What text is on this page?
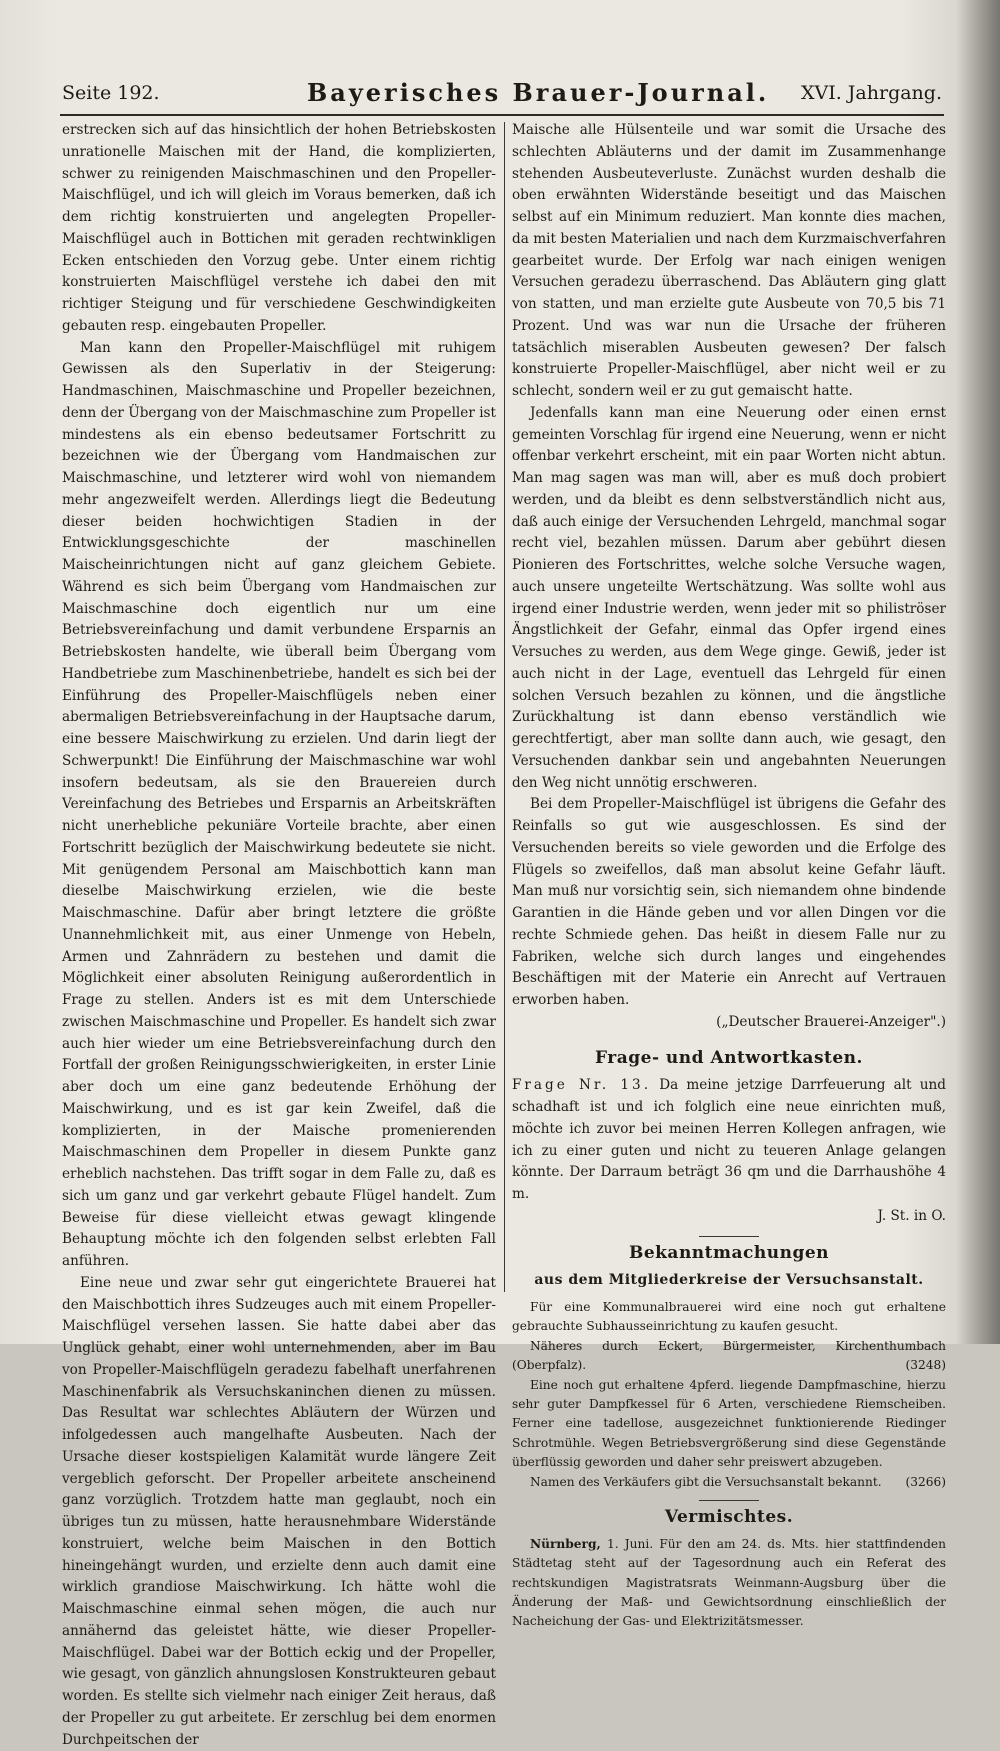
Seite 192.	Bayerisches Brauer-Journal. XVI. Jahrgang.

erstrecken sich auf das hinsichtlich der hohen Betriebskosten unrationelle Maischen mit der Hand, die komplizierten, schwer zu reinigenden Maischmaschinen und den Propeller-Maischflügel, und ich will gleich im Voraus bemerken, daß ich dem richtig konstruierten und angelegten Propeller-Maischflügel auch in Bottichen mit geraden rechtwinkligen Ecken entschieden den Vorzug gebe. Unter einem richtig konstruierten Maischflügel verstehe ich dabei den mit richtiger Steigung und für verschiedene Geschwindigkeiten gebauten resp. eingebauten Propeller.

Man kann den Propeller-Maischflügel mit ruhigem Gewissen als den Superlativ in der Steigerung: Handmaschinen, Maischmaschine und Propeller bezeichnen, denn der Übergang von der Maischmaschine zum Propeller ist mindestens als ein ebenso bedeutsamer Fortschritt zu bezeichnen wie der Übergang vom Handmaischen zur Maischmaschine, und letzterer wird wohl von niemandem mehr angezweifelt werden. Allerdings liegt die Bedeutung dieser beiden hochwichtigen Stadien in der Entwicklungsgeschichte der maschinellen Maischeinrichtungen nicht auf ganz gleichem Gebiete. Während es sich beim Übergang vom Handmaischen zur Maischmaschine doch eigentlich nur um eine Betriebsvereinfachung und damit verbundene Ersparnis an Betriebskosten handelte, wie überall beim Übergang vom Handbetriebe zum Maschinenbetriebe, handelt es sich bei der Einführung des Propeller-Maischflügels neben einer abermaligen Betriebsvereinfachung in der Hauptsache darum, eine bessere Maischwirkung zu erzielen. Und darin liegt der Schwerpunkt! Die Einführung der Maischmaschine war wohl insofern bedeutsam, als sie den Brauereien durch Vereinfachung des Betriebes und Ersparnis an Arbeitskräften nicht unerhebliche pekuniäre Vorteile brachte, aber einen Fortschritt bezüglich der Maischwirkung bedeutete sie nicht. Mit genügendem Personal am Maischbottich kann man dieselbe Maischwirkung erzielen, wie die beste Maischmaschine. Dafür aber bringt letztere die größte Unannehmlichkeit mit, aus einer Unmenge von Hebeln, Armen und Zahnrädern zu bestehen und damit die Möglichkeit einer absoluten Reinigung außerordentlich in Frage zu stellen. Anders ist es mit dem Unterschiede zwischen Maischmaschine und Propeller. Es handelt sich zwar auch hier wieder um eine Betriebsvereinfachung durch den Fortfall der großen Reinigungsschwierigkeiten, in erster Linie aber doch um eine ganz bedeutende Erhöhung der Maischwirkung, und es ist gar kein Zweifel, daß die komplizierten, in der Maische promenierenden Maischmaschinen dem Propeller in diesem Punkte ganz erheblich nachstehen. Das trifft sogar in dem Falle zu, daß es sich um ganz und gar verkehrt gebaute Flügel handelt. Zum Beweise für diese vielleicht etwas gewagt klingende Behauptung möchte ich den folgenden selbst erlebten Fall anführen.

Eine neue und zwar sehr gut eingerichtete Brauerei hat den Maischbottich ihres Sudzeuges auch mit einem Propeller-Maischflügel versehen lassen. Sie hatte dabei aber das Unglück gehabt, einer wohl unternehmenden, aber im Bau von Propeller-Maischflügeln geradezu fabelhaft unerfahrenen Maschinenfabrik als Versuchskaninchen dienen zu müssen. Das Resultat war schlechtes Abläutern der Würzen und infolgedessen auch mangelhafte Ausbeuten. Nach der Ursache dieser kostspieligen Kalamität wurde längere Zeit vergeblich geforscht. Der Propeller arbeitete anscheinend ganz vorzüglich. Trotzdem hatte man geglaubt, noch ein übriges tun zu müssen, hatte herausnehmbare Widerstände konstruiert, welche beim Maischen in den Bottich hineingehängt wurden, und erzielte denn auch damit eine wirklich grandiose Maischwirkung. Ich hätte wohl die Maischmaschine einmal sehen mögen, die auch nur annähernd das geleistet hätte, wie dieser Propeller-Maischflügel. Dabei war der Bottich eckig und der Propeller, wie gesagt, von gänzlich ahnungslosen Konstrukteuren gebaut worden. Es stellte sich vielmehr nach einiger Zeit heraus, daß der Propeller zu gut arbeitete. Er zerschlug bei dem enormen Durchpeitschen der

Maische alle Hülsenteile und war somit die Ursache des schlechten Abläuterns und der damit im Zusammenhange stehenden Ausbeuteverluste. Zunächst wurden deshalb die oben erwähnten Widerstände beseitigt und das Maischen selbst auf ein Minimum reduziert. Man konnte dies machen, da mit besten Materialien und nach dem Kurzmaischverfahren gearbeitet wurde. Der Erfolg war nach einigen wenigen Versuchen geradezu überraschend. Das Abläutern ging glatt von statten, und man erzielte gute Ausbeute von 70,5 bis 71 Prozent. Und was war nun die Ursache der früheren tatsächlich miserablen Ausbeuten gewesen? Der falsch konstruierte Propeller-Maischflügel, aber nicht weil er zu schlecht, sondern weil er zu gut gemaischt hatte.

Jedenfalls kann man eine Neuerung oder einen ernst gemeinten Vorschlag für irgend eine Neuerung, wenn er nicht offenbar verkehrt erscheint, mit ein paar Worten nicht abtun. Man mag sagen was man will, aber es muß doch probiert werden, und da bleibt es denn selbstverständlich nicht aus, daß auch einige der Versuchenden Lehrgeld, manchmal sogar recht viel, bezahlen müssen. Darum aber gebührt diesen Pionieren des Fortschrittes, welche solche Versuche wagen, auch unsere ungeteilte Wertschätzung. Was sollte wohl aus irgend einer Industrie werden, wenn jeder mit so philiströser Ängstlichkeit der Gefahr, einmal das Opfer irgend eines Versuches zu werden, aus dem Wege ginge. Gewiß, jeder ist auch nicht in der Lage, eventuell das Lehrgeld für einen solchen Versuch bezahlen zu können, und die ängstliche Zurückhaltung ist dann ebenso verständlich wie gerechtfertigt, aber man sollte dann auch, wie gesagt, den Versuchenden dankbar sein und angebahnten Neuerungen den Weg nicht unnötig erschweren.

Bei dem Propeller-Maischflügel ist übrigens die Gefahr des Reinfalls so gut wie ausgeschlossen. Es sind der Versuchenden bereits so viele geworden und die Erfolge des Flügels so zweifellos, daß man absolut keine Gefahr läuft. Man muß nur vorsichtig sein, sich niemandem ohne bindende Garantien in die Hände geben und vor allen Dingen vor die rechte Schmiede gehen. Das heißt in diesem Falle nur zu Fabriken, welche sich durch langes und eingehendes Beschäftigen mit der Materie ein Anrecht auf Vertrauen erworben haben.

(„Deutscher Brauerei-Anzeiger".)

Frage- und Antwortkasten.

Frage Nr. 13. Da meine jetzige Darrfeuerung alt und schadhaft ist und ich folglich eine neue einrichten muß, möchte ich zuvor bei meinen Herren Kollegen anfragen, wie ich zu einer guten und nicht zu teueren Anlage gelangen könnte. Der Darraum beträgt 36 qm und die Darrhaushöhe 4 m.

J. St. in O.

Bekanntmachungen
aus dem Mitgliederkreise der Versuchsanstalt.

Für eine Kommunalbrauerei wird eine noch gut erhaltene gebrauchte Subhausseinrichtung zu kaufen gesucht.

Näheres durch Eckert, Bürgermeister, Kirchenthumbach (Oberpfalz).	(3248)

Eine noch gut erhaltene 4pferd. liegende Dampfmaschine, hierzu sehr guter Dampfkessel für 6 Arten, verschiedene Riemscheiben. Ferner eine tadellose, ausgezeichnet funktionierende Riedinger Schrotmühle. Wegen Betriebsvergrößerung sind diese Gegenstände überflüssig geworden und daher sehr preiswert abzugeben.

Namen des Verkäufers gibt die Versuchsanstalt bekannt.	(3266)

Vermischtes.

Nürnberg, 1. Juni. Für den am 24. ds. Mts. hier stattfindenden Städtetag steht auf der Tagesordnung auch ein Referat des rechtskundigen Magistratsrats Weinmann-Augsburg über die Änderung der Maß- und Gewichtsordnung einschließlich der Nacheichung der Gas- und Elektrizitätsmesser.
